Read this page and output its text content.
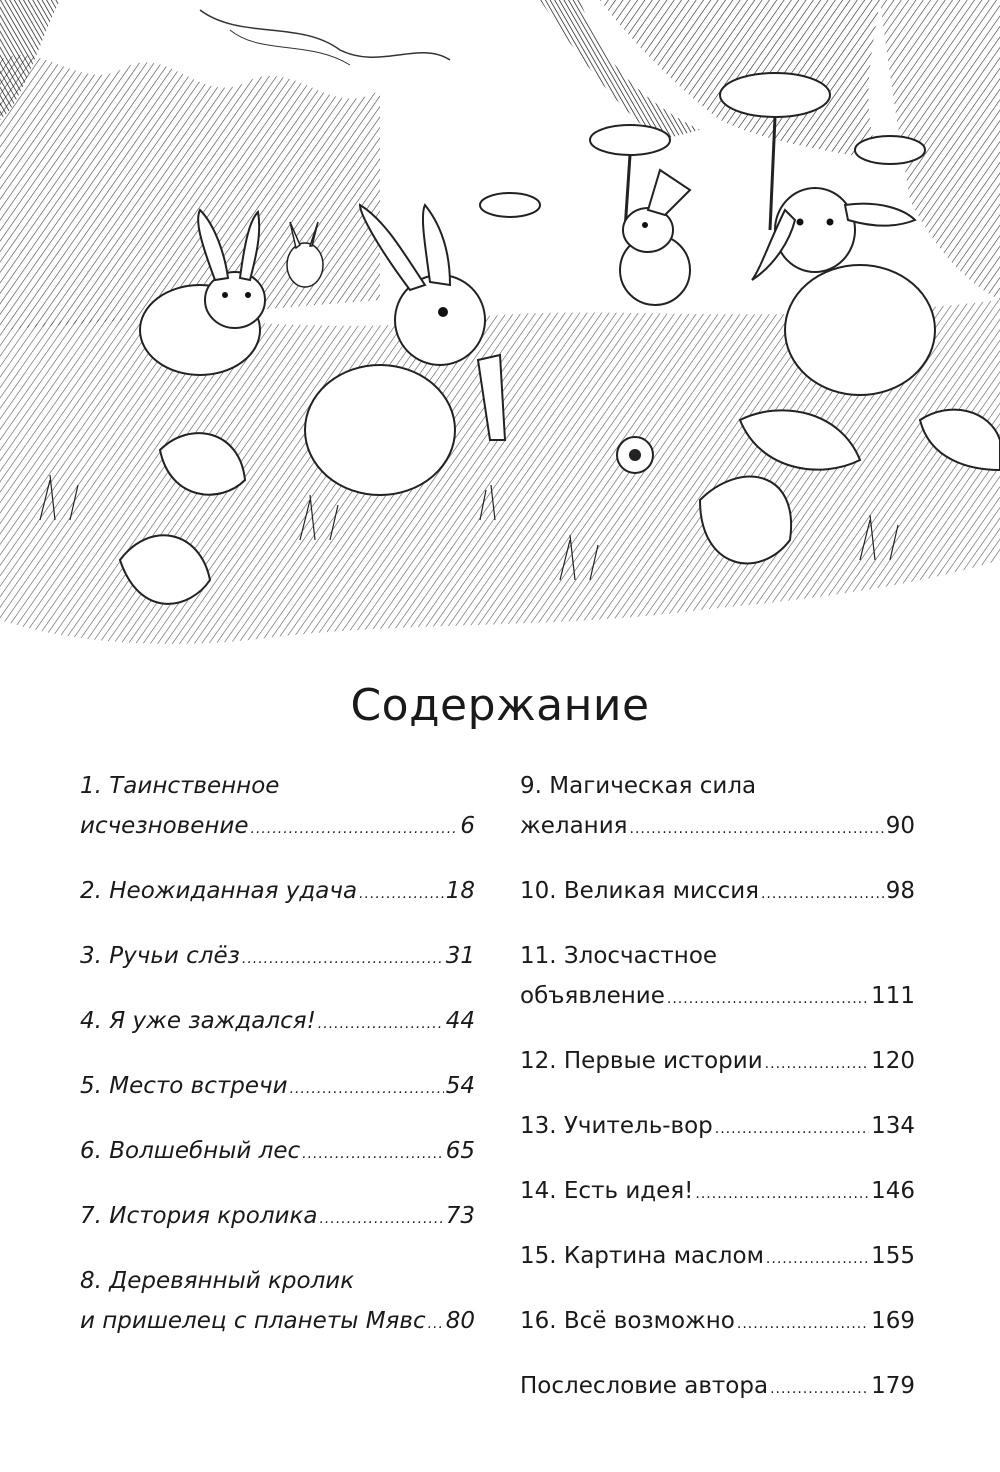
Содержание
1. Таинственное
исчезновение .....	6
2. Неожиданная удача .....	18
3. Ручьи слёз .....	31
4. Я уже заждался! .....	44
5. Место встречи .....	54
6. Волшебный лес .....	65
7. История кролика .....	73
8. Деревянный кролик
и пришелец с планеты Мявс ..... 80
9. Магическая сила
желания .....	90
10. Великая миссия .....	98
11. Злосчастное
объявление .....	111
12. Первые истории .....	120
13. Учитель-вор .....	134
14. Есть идея! .....	146
15. Картина маслом .....	155
16. Всё возможно .....	169
Послесловие автора .....	179
